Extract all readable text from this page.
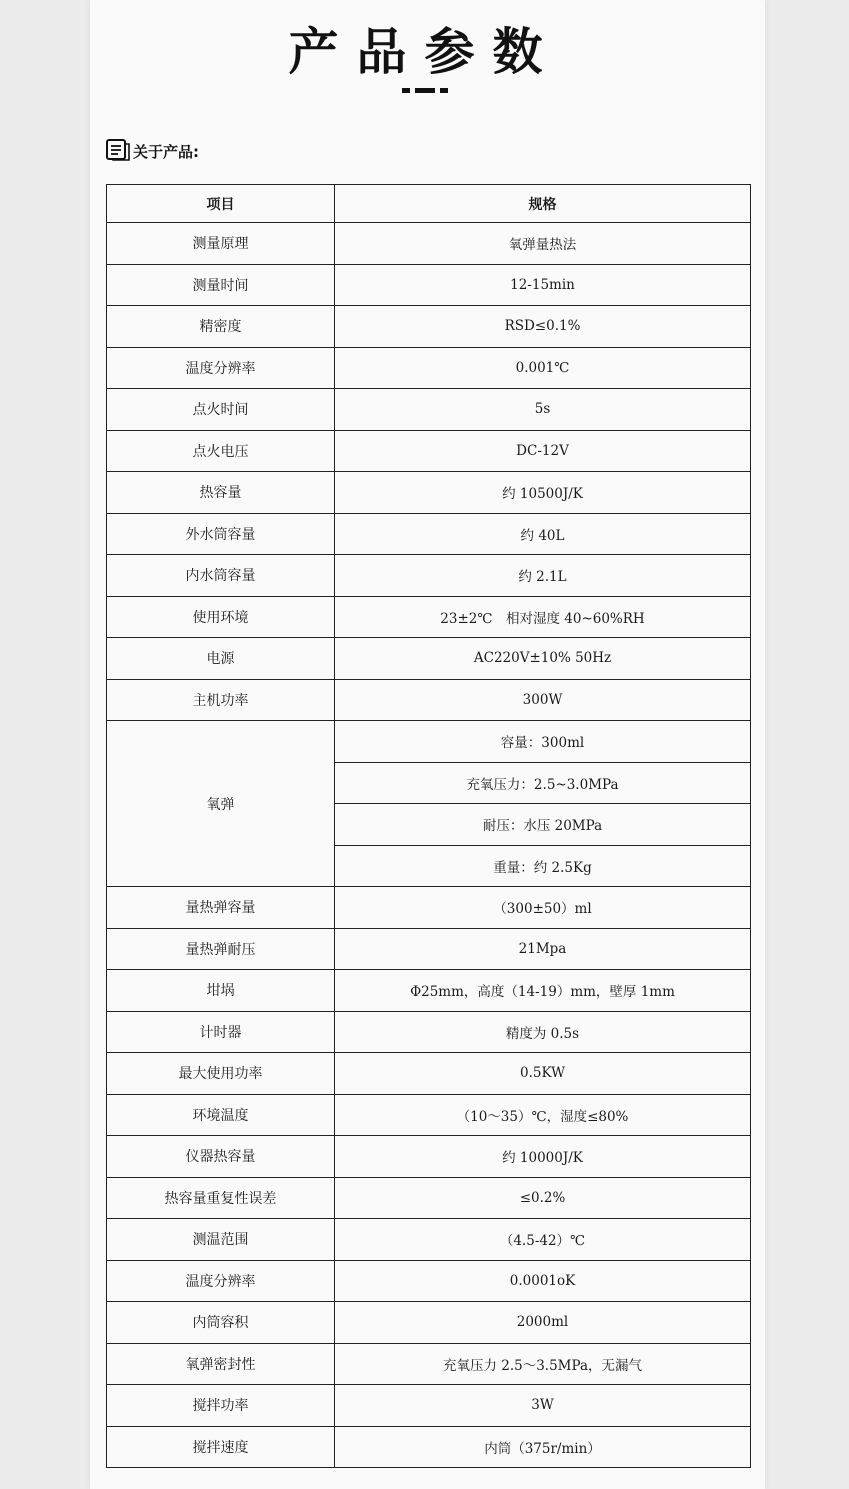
产品参数
关于产品:
项目	规格
测量原理	氧弹量热法
测量时间	12-15min
精密度	RSD≤0.1%
温度分辨率	0.001℃
点火时间	5s
点火电压	DC-12V
热容量	约 10500J/K
外水筒容量	约 40L
内水筒容量	约 2.1L
使用环境	23±2℃　相对湿度 40~60%RH
电源	AC220V±10% 50Hz
主机功率	300W
氧弹	容量：300ml
	充氧压力：2.5~3.0MPa
	耐压：水压 20MPa
	重量：约 2.5Kg
量热弹容量	（300±50）ml
量热弹耐压	21Mpa
坩埚	Φ25mm，高度（14-19）mm，壁厚 1mm
计时器	精度为 0.5s
最大使用功率	0.5KW
环境温度	（10～35）℃，湿度≤80%
仪器热容量	约 10000J/K
热容量重复性误差	≤0.2%
测温范围	（4.5-42）℃
温度分辨率	0.0001oK
内筒容积	2000ml
氧弹密封性	充氧压力 2.5～3.5MPa，无漏气
搅拌功率	3W
搅拌速度	内筒（375r/min）
